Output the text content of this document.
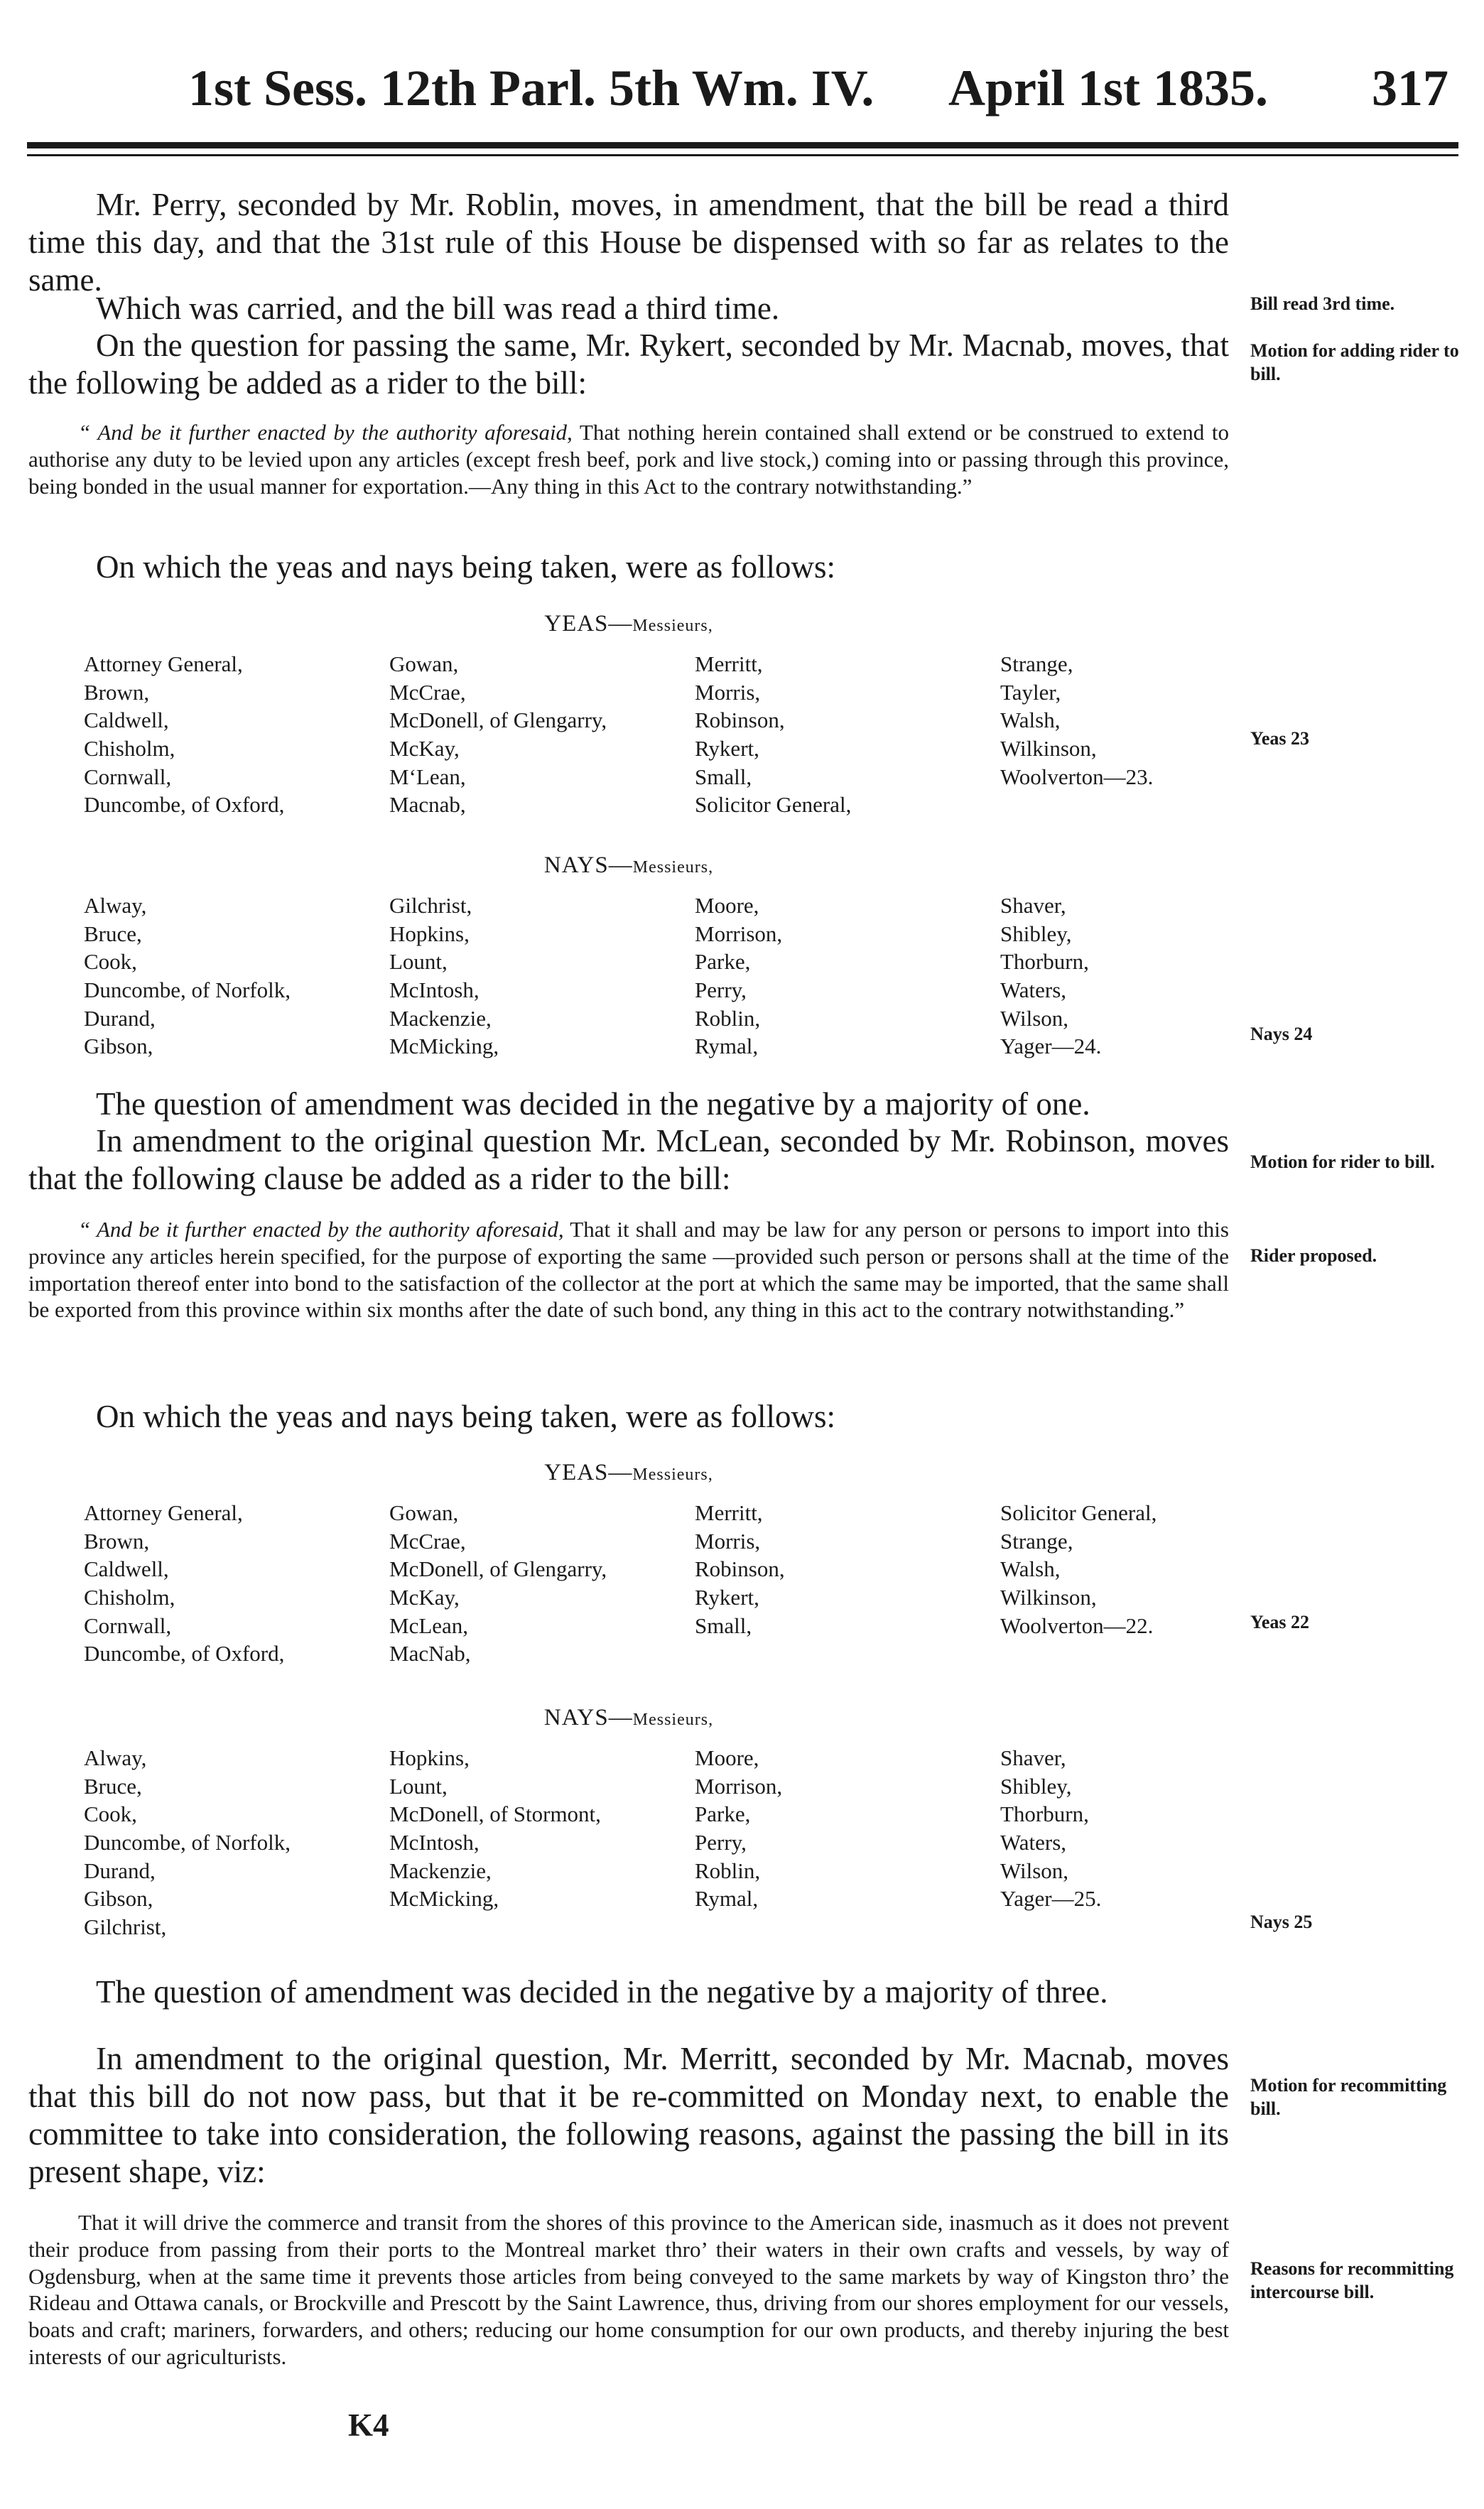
1st Sess. 12th Parl. 5th Wm. IV. April 1st 1835. 317

Mr. Perry, seconded by Mr. Roblin, moves, in amendment, that the bill be read a third time this day, and that the 31st rule of this House be dispensed with so far as relates to the same.

Which was carried, and the bill was read a third time.

On the question for passing the same, Mr. Rykert, seconded by Mr. Macnab, moves, that the following be added as a rider to the bill:

“ And be it further enacted by the authority aforesaid, That nothing herein contained shall extend or be construed to extend to authorise any duty to be levied upon any articles (except fresh beef, pork and live stock,) coming into or passing through this province, being bonded in the usual manner for exportation.—Any thing in this Act to the contrary notwithstanding.”

On which the yeas and nays being taken, were as follows:

YEAS—Messieurs,
Attorney General,	Gowan,	Merritt,	Strange,
Brown,	McCrae,	Morris,	Tayler,
Caldwell,	McDonell, of Glengarry,	Robinson,	Walsh,
Chisholm,	McKay,	Rykert,	Wilkinson,
Cornwall,	M‘Lean,	Small,	Woolverton—23.
Duncombe, of Oxford,	Macnab,	Solicitor General,
NAYS—Messieurs,
Alway,	Gilchrist,	Moore,	Shaver,
Bruce,	Hopkins,	Morrison,	Shibley,
Cook,	Lount,	Parke,	Thorburn,
Duncombe, of Norfolk,	McIntosh,	Perry,	Waters,
Durand,	Mackenzie,	Roblin,	Wilson,
Gibson,	McMicking,	Rymal,	Yager—24.

The question of amendment was decided in the negative by a majority of one.

In amendment to the original question Mr. McLean, seconded by Mr. Robinson, moves that the following clause be added as a rider to the bill:

“ And be it further enacted by the authority aforesaid, That it shall and may be law for any person or persons to import into this province any articles herein specified, for the purpose of exporting the same —provided such person or persons shall at the time of the importation thereof enter into bond to the satisfaction of the collector at the port at which the same may be imported, that the same shall be exported from this province within six months after the date of such bond, any thing in this act to the contrary notwithstanding.”

On which the yeas and nays being taken, were as follows:

YEAS—Messieurs,
Attorney General,	Gowan,	Merritt,	Solicitor General,
Brown,	McCrae,	Morris,	Strange,
Caldwell,	McDonell, of Glengarry,	Robinson,	Walsh,
Chisholm,	McKay,	Rykert,	Wilkinson,
Cornwall,	McLean,	Small,	Woolverton—22.
Duncombe, of Oxford,	MacNab,
NAYS—Messieurs,
Alway,	Hopkins,	Moore,	Shaver,
Bruce,	Lount,	Morrison,	Shibley,
Cook,	McDonell, of Stormont,	Parke,	Thorburn,
Duncombe, of Norfolk,	McIntosh,	Perry,	Waters,
Durand,	Mackenzie,	Roblin,	Wilson,
Gibson,	McMicking,	Rymal,	Yager—25.
Gilchrist,

The question of amendment was decided in the negative by a majority of three.

In amendment to the original question, Mr. Merritt, seconded by Mr. Macnab, moves that this bill do not now pass, but that it be re-committed on Monday next, to enable the committee to take into consideration, the following reasons, against the passing the bill in its present shape, viz:

That it will drive the commerce and transit from the shores of this province to the American side, inasmuch as it does not prevent their produce from passing from their ports to the Montreal market thro’ their waters in their own crafts and vessels, by way of Ogdensburg, when at the same time it prevents those articles from being conveyed to the same markets by way of Kingston thro’ the Rideau and Ottawa canals, or Brockville and Prescott by the Saint Lawrence, thus, driving from our shores employment for our vessels, boats and craft; mariners, forwarders, and others; reducing our home consumption for our own products, and thereby injuring the best interests of our agriculturists.

K4
Bill read 3rd time.
Motion for adding rider to bill.
Yeas 23
Nays 24
Motion for rider to bill.
Rider proposed.
Yeas 22
Nays 25
Motion for recommitting bill.
Reasons for recommitting intercourse bill.
